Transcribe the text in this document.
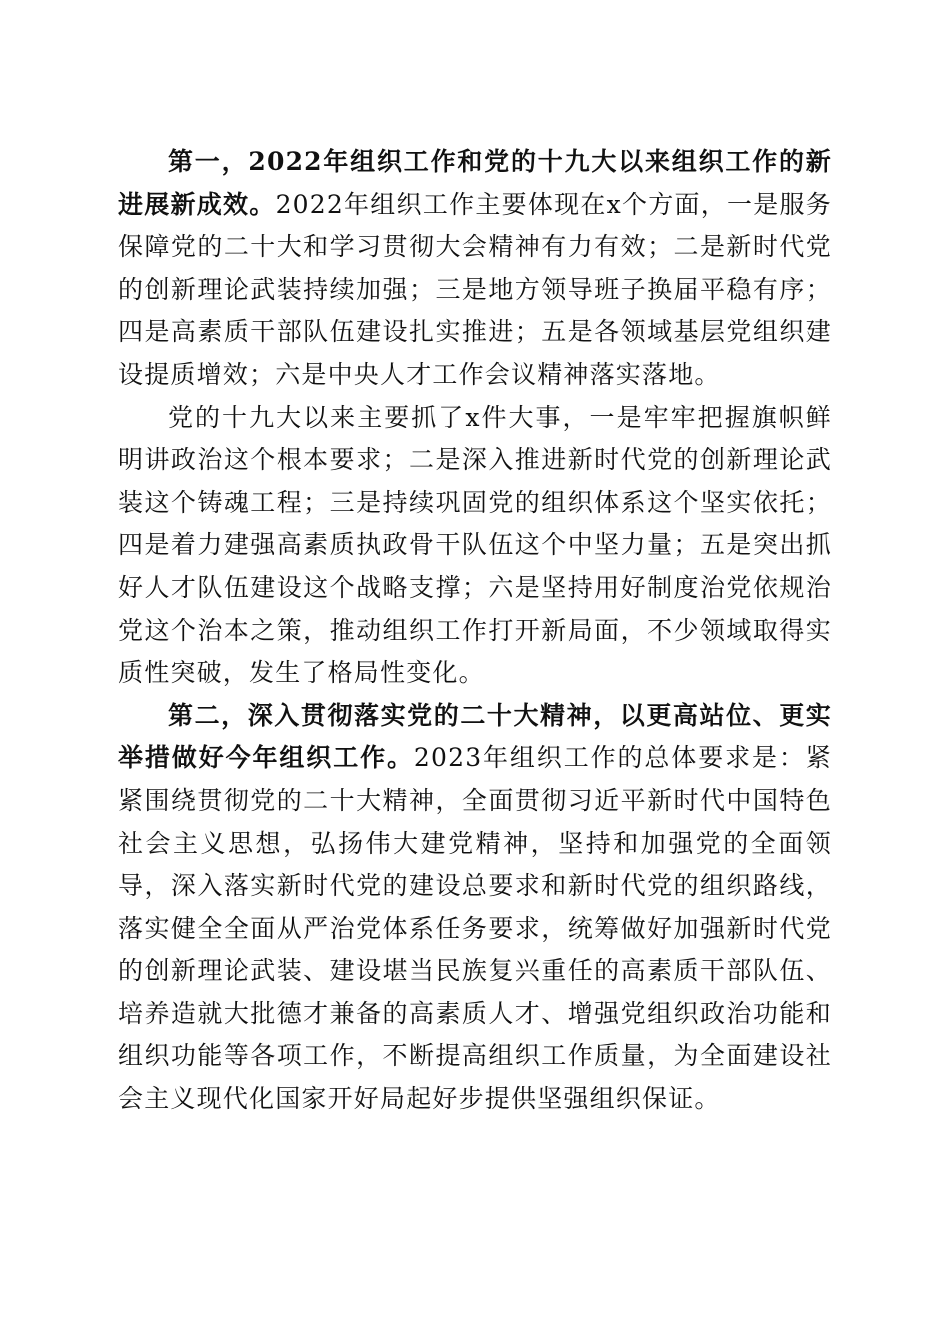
第一，2022年组织工作和党的十九大以来组织工作的新进展新成效。2022年组织工作主要体现在x个方面，一是服务保障党的二十大和学习贯彻大会精神有力有效；二是新时代党的创新理论武装持续加强；三是地方领导班子换届平稳有序；四是高素质干部队伍建设扎实推进；五是各领域基层党组织建设提质增效；六是中央人才工作会议精神落实落地。

党的十九大以来主要抓了x件大事，一是牢牢把握旗帜鲜明讲政治这个根本要求；二是深入推进新时代党的创新理论武装这个铸魂工程；三是持续巩固党的组织体系这个坚实依托；四是着力建强高素质执政骨干队伍这个中坚力量；五是突出抓好人才队伍建设这个战略支撑；六是坚持用好制度治党依规治党这个治本之策，推动组织工作打开新局面，不少领域取得实质性突破，发生了格局性变化。

第二，深入贯彻落实党的二十大精神，以更高站位、更实举措做好今年组织工作。2023年组织工作的总体要求是：紧紧围绕贯彻党的二十大精神，全面贯彻习近平新时代中国特色社会主义思想，弘扬伟大建党精神，坚持和加强党的全面领导，深入落实新时代党的建设总要求和新时代党的组织路线，落实健全全面从严治党体系任务要求，统筹做好加强新时代党的创新理论武装、建设堪当民族复兴重任的高素质干部队伍、培养造就大批德才兼备的高素质人才、增强党组织政治功能和组织功能等各项工作，不断提高组织工作质量，为全面建设社会主义现代化国家开好局起好步提供坚强组织保证。
